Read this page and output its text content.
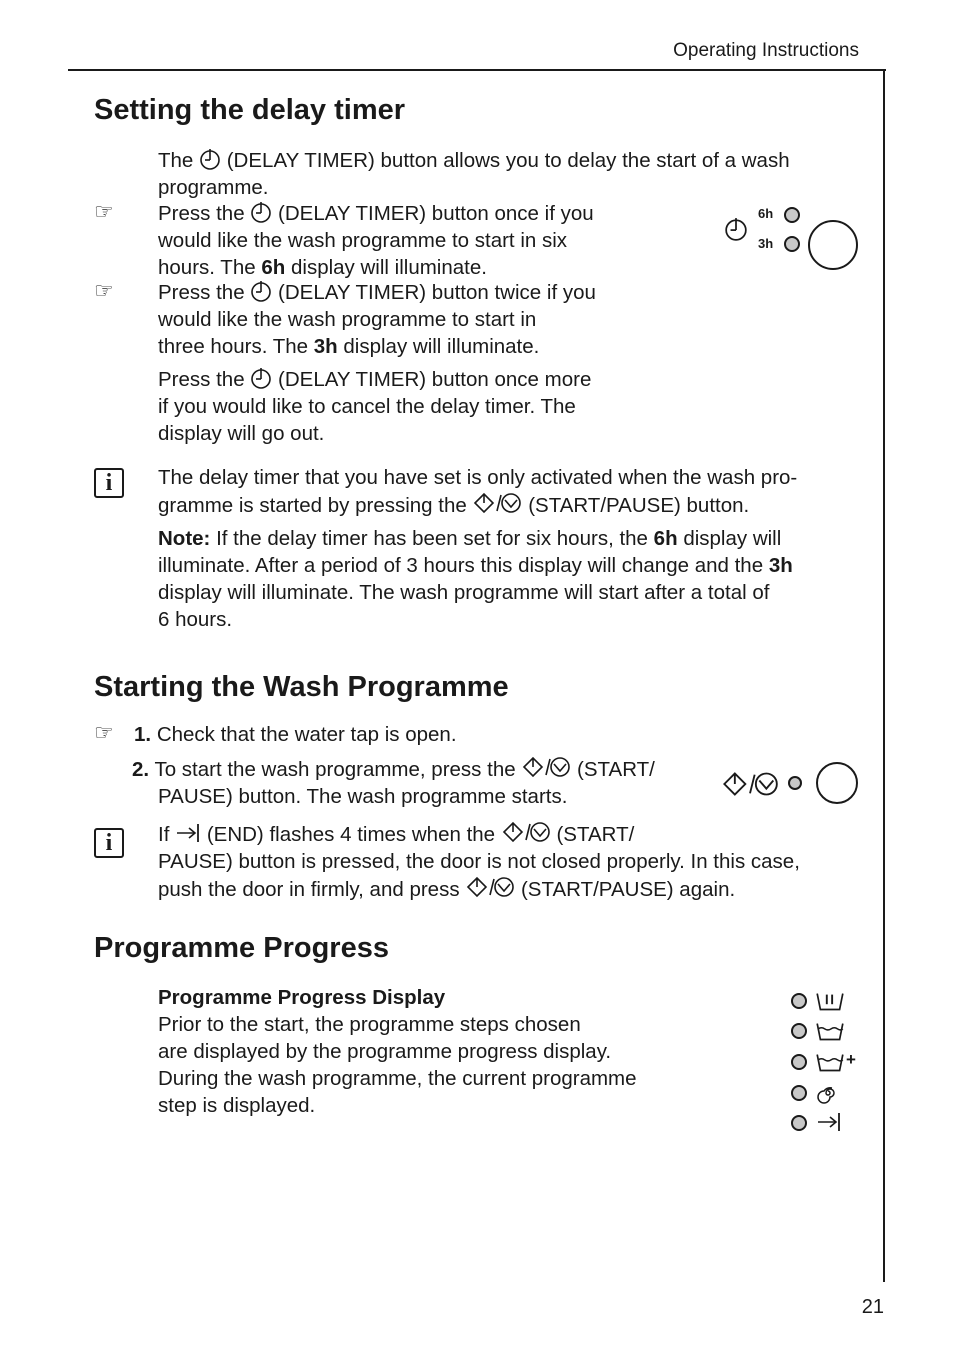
Operating Instructions
Setting the delay timer

The (DELAY TIMER) button allows you to delay the start of a wash
programme.

☞ Press the (DELAY TIMER) button once if you
would like the wash programme to start in six
hours. The 6h display will illuminate.

☞ Press the (DELAY TIMER) button twice if you
would like the wash programme to start in
three hours. The 3h display will illuminate.

Press the (DELAY TIMER) button once more
if you would like to cancel the delay timer. The
display will go out.

6h
3h
i	The delay timer that you have set is only activated when the wash pro-
gramme is started by pressing the	(START/PAUSE) button.

Note: If the delay timer has been set for six hours, the 6h display will
illuminate. After a period of 3 hours this display will change and the 3h
display will illuminate. The wash programme will start after a total of
6 hours.

Starting the Wash Programme
☞ 1. Check that the water tap is open.

2. To start the wash programme, press the	(START/
PAUSE) button. The wash programme starts.

i	If (END) flashes 4 times when the	(START/
PAUSE) button is pressed, the door is not closed properly. In this case,
push the door in firmly, and press	(START/PAUSE) again.

Programme Progress

Programme Progress Display
Prior to the start, the programme steps chosen
are displayed by the programme progress display.
During the wash programme, the current programme
step is displayed.

+
21
